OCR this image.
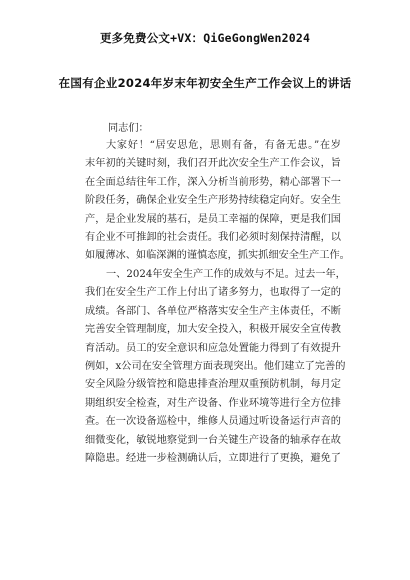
更多免费公文+VX：QiGeGongWen2024
在国有企业2024年岁末年初安全生产工作会议上的讲话
同志们：
大家好！“居安思危，思则有备，有备无患。”在岁
末年初的关键时刻，我们召开此次安全生产工作会议，旨
在全面总结往年工作，深入分析当前形势，精心部署下一
阶段任务，确保企业安全生产形势持续稳定向好。安全生
产，是企业发展的基石，是员工幸福的保障，更是我们国
有企业不可推卸的社会责任。我们必须时刻保持清醒，以
如履薄冰、如临深渊的谨慎态度，抓实抓细安全生产工作。
一、2024年安全生产工作的成效与不足。过去一年，
我们在安全生产工作上付出了诸多努力，也取得了一定的
成绩。各部门、各单位严格落实安全生产主体责任，不断
完善安全管理制度，加大安全投入，积极开展安全宣传教
育活动。员工的安全意识和应急处置能力得到了有效提升
例如，x公司在安全管理方面表现突出。他们建立了完善的
安全风险分级管控和隐患排查治理双重预防机制，每月定
期组织安全检查，对生产设备、作业环境等进行全方位排
查。在一次设备巡检中，维修人员通过听设备运行声音的
细微变化，敏锐地察觉到一台关键生产设备的轴承存在故
障隐患。经进一步检测确认后，立即进行了更换，避免了
